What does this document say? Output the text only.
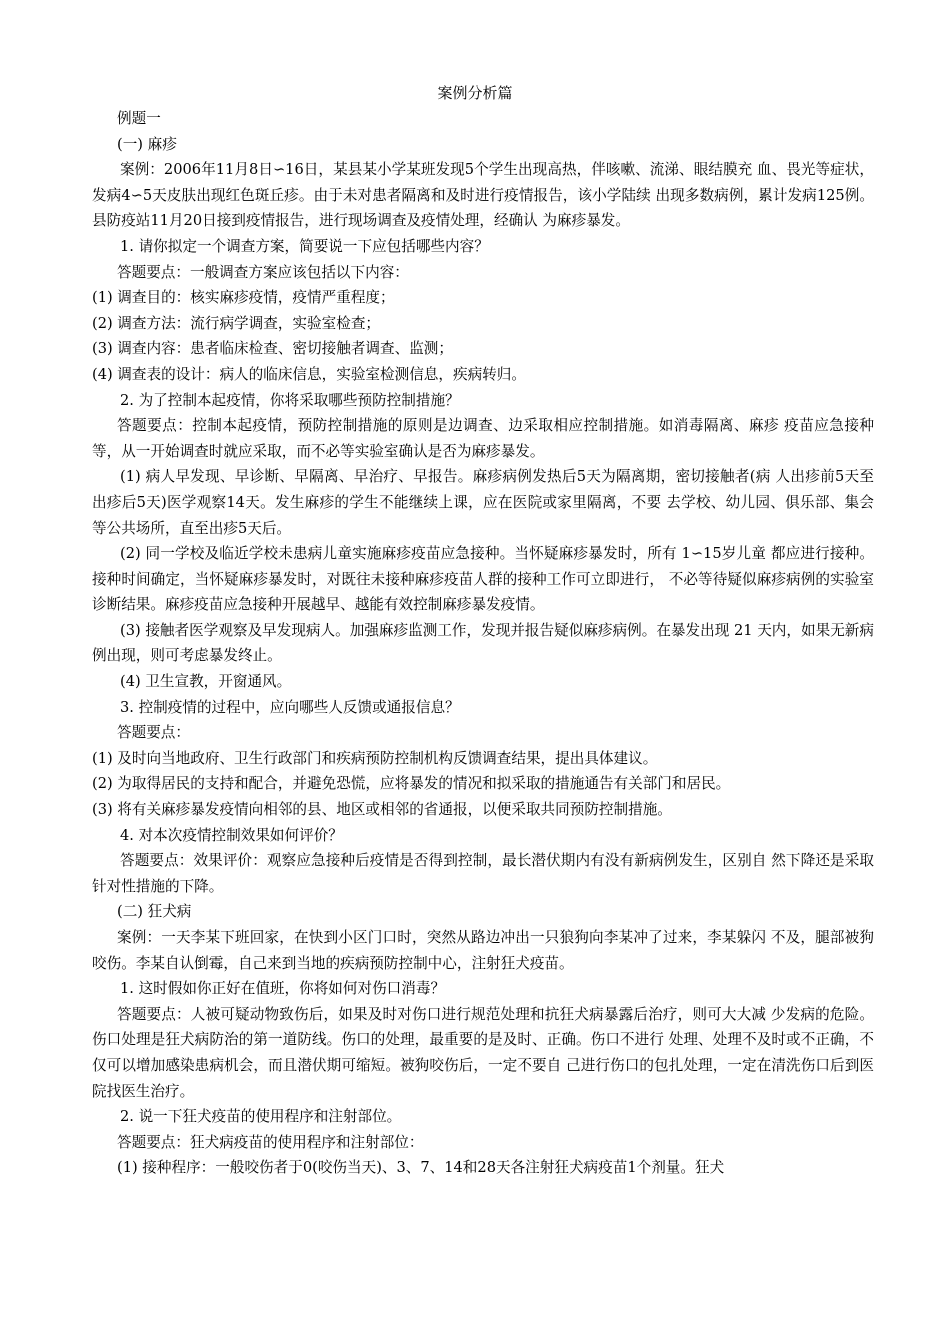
案例分析篇

例题一

(一) 麻疹

案例：2006年11月8日∽16日，某县某小学某班发现5个学生出现高热，伴咳嗽、流涕、眼结膜充 血、畏光等症状，发病4∽5天皮肤出现红色斑丘疹。由于未对患者隔离和及时进行疫情报告，该小学陆续 出现多数病例，累计发病125例。县防疫站11月20日接到疫情报告，进行现场调查及疫情处理，经确认 为麻疹暴发。

1. 请你拟定一个调查方案，简要说一下应包括哪些内容？

答题要点：一般调查方案应该包括以下内容：

(1) 调查目的：核实麻疹疫情，疫情严重程度；

(2) 调查方法：流行病学调查，实验室检查；

(3) 调查内容：患者临床检查、密切接触者调查、监测；

(4) 调查表的设计：病人的临床信息，实验室检测信息，疾病转归。

2. 为了控制本起疫情，你将采取哪些预防控制措施？

答题要点：控制本起疫情，预防控制措施的原则是边调查、边采取相应控制措施。如消毒隔离、麻疹 疫苗应急接种等，从一开始调查时就应采取，而不必等实验室确认是否为麻疹暴发。

(1) 病人早发现、早诊断、早隔离、早治疗、早报告。麻疹病例发热后5天为隔离期，密切接触者(病 人出疹前5天至出疹后5天)医学观察14天。发生麻疹的学生不能继续上课，应在医院或家里隔离，不要 去学校、幼儿园、俱乐部、集会等公共场所，直至出疹5天后。

(2) 同一学校及临近学校未患病儿童实施麻疹疫苗应急接种。当怀疑麻疹暴发时，所有 1∽15岁儿童 都应进行接种。接种时间确定，当怀疑麻疹暴发时，对既往未接种麻疹疫苗人群的接种工作可立即进行， 不必等待疑似麻疹病例的实验室诊断结果。麻疹疫苗应急接种开展越早、越能有效控制麻疹暴发疫情。

(3) 接触者医学观察及早发现病人。加强麻疹监测工作，发现并报告疑似麻疹病例。在暴发出现 21 天内，如果无新病例出现，则可考虑暴发终止。

(4) 卫生宣教，开窗通风。

3. 控制疫情的过程中，应向哪些人反馈或通报信息？

答题要点：

(1) 及时向当地政府、卫生行政部门和疾病预防控制机构反馈调查结果，提出具体建议。

(2) 为取得居民的支持和配合，并避免恐慌，应将暴发的情况和拟采取的措施通告有关部门和居民。

(3) 将有关麻疹暴发疫情向相邻的县、地区或相邻的省通报，以便采取共同预防控制措施。

4. 对本次疫情控制效果如何评价？

答题要点：效果评价：观察应急接种后疫情是否得到控制，最长潜伏期内有没有新病例发生，区别自 然下降还是采取针对性措施的下降。

(二) 狂犬病

案例：一天李某下班回家，在快到小区门口时，突然从路边冲出一只狼狗向李某冲了过来，李某躲闪 不及，腿部被狗咬伤。李某自认倒霉，自己来到当地的疾病预防控制中心，注射狂犬疫苗。

1. 这时假如你正好在值班，你将如何对伤口消毒？

答题要点：人被可疑动物致伤后，如果及时对伤口进行规范处理和抗狂犬病暴露后治疗，则可大大减 少发病的危险。伤口处理是狂犬病防治的第一道防线。伤口的处理，最重要的是及时、正确。伤口不进行 处理、处理不及时或不正确，不仅可以增加感染患病机会，而且潜伏期可缩短。被狗咬伤后，一定不要自 己进行伤口的包扎处理，一定在清洗伤口后到医院找医生治疗。

2. 说一下狂犬疫苗的使用程序和注射部位。

答题要点：狂犬病疫苗的使用程序和注射部位：

(1) 接种程序：一般咬伤者于0(咬伤当天)、3、7、14和28天各注射狂犬病疫苗1个剂量。狂犬
